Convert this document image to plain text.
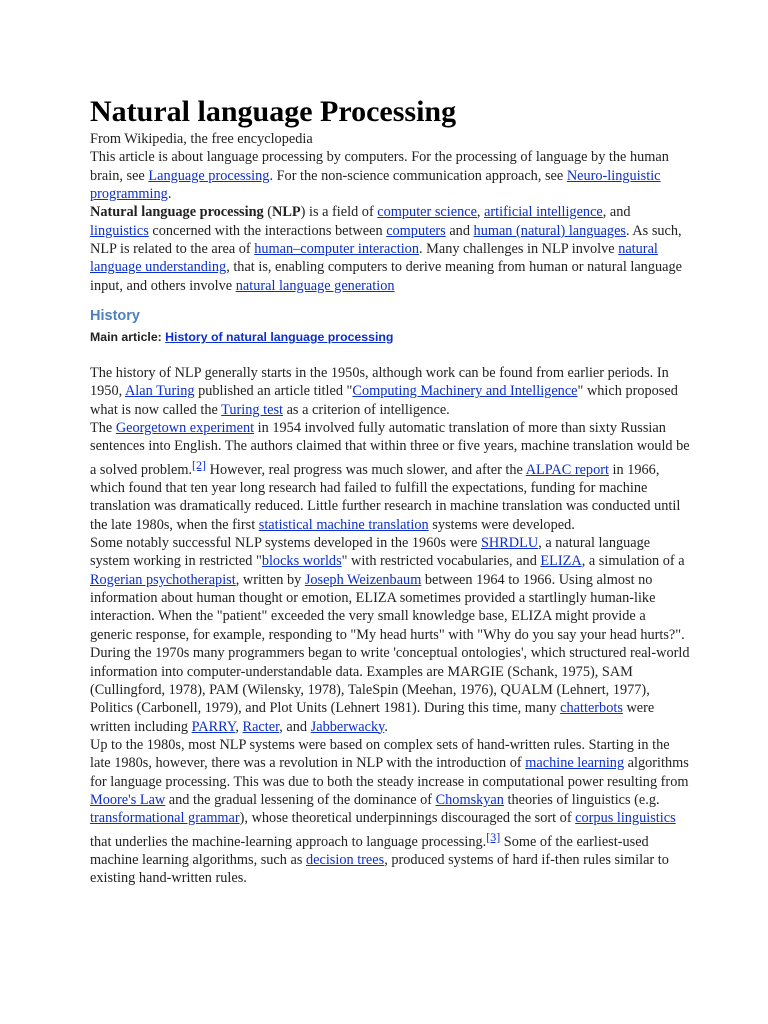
Natural language Processing

From Wikipedia, the free encyclopedia

This article is about language processing by computers. For the processing of language by the human brain, see Language processing. For the non-science communication approach, see Neuro-linguistic programming.

Natural language processing (NLP) is a field of computer science, artificial intelligence, and linguistics concerned with the interactions between computers and human (natural) languages. As such, NLP is related to the area of human–computer interaction. Many challenges in NLP involve natural language understanding, that is, enabling computers to derive meaning from human or natural language input, and others involve natural language generation

History
Main article: History of natural language processing

The history of NLP generally starts in the 1950s, although work can be found from earlier periods. In 1950, Alan Turing published an article titled "Computing Machinery and Intelligence" which proposed what is now called the Turing test as a criterion of intelligence.

The Georgetown experiment in 1954 involved fully automatic translation of more than sixty Russian sentences into English. The authors claimed that within three or five years, machine translation would be a solved problem.[2] However, real progress was much slower, and after the ALPAC report in 1966, which found that ten year long research had failed to fulfill the expectations, funding for machine translation was dramatically reduced. Little further research in machine translation was conducted until the late 1980s, when the first statistical machine translation systems were developed.

Some notably successful NLP systems developed in the 1960s were SHRDLU, a natural language system working in restricted "blocks worlds" with restricted vocabularies, and ELIZA, a simulation of a Rogerian psychotherapist, written by Joseph Weizenbaum between 1964 to 1966. Using almost no information about human thought or emotion, ELIZA sometimes provided a startlingly human-like interaction. When the "patient" exceeded the very small knowledge base, ELIZA might provide a generic response, for example, responding to "My head hurts" with "Why do you say your head hurts?".

During the 1970s many programmers began to write 'conceptual ontologies', which structured real-world information into computer-understandable data. Examples are MARGIE (Schank, 1975), SAM (Cullingford, 1978), PAM (Wilensky, 1978), TaleSpin (Meehan, 1976), QUALM (Lehnert, 1977), Politics (Carbonell, 1979), and Plot Units (Lehnert 1981). During this time, many chatterbots were written including PARRY, Racter, and Jabberwacky.

Up to the 1980s, most NLP systems were based on complex sets of hand-written rules. Starting in the late 1980s, however, there was a revolution in NLP with the introduction of machine learning algorithms for language processing. This was due to both the steady increase in computational power resulting from Moore's Law and the gradual lessening of the dominance of Chomskyan theories of linguistics (e.g. transformational grammar), whose theoretical underpinnings discouraged the sort of corpus linguistics that underlies the machine-learning approach to language processing.[3] Some of the earliest-used machine learning algorithms, such as decision trees, produced systems of hard if-then rules similar to existing hand-written rules.
